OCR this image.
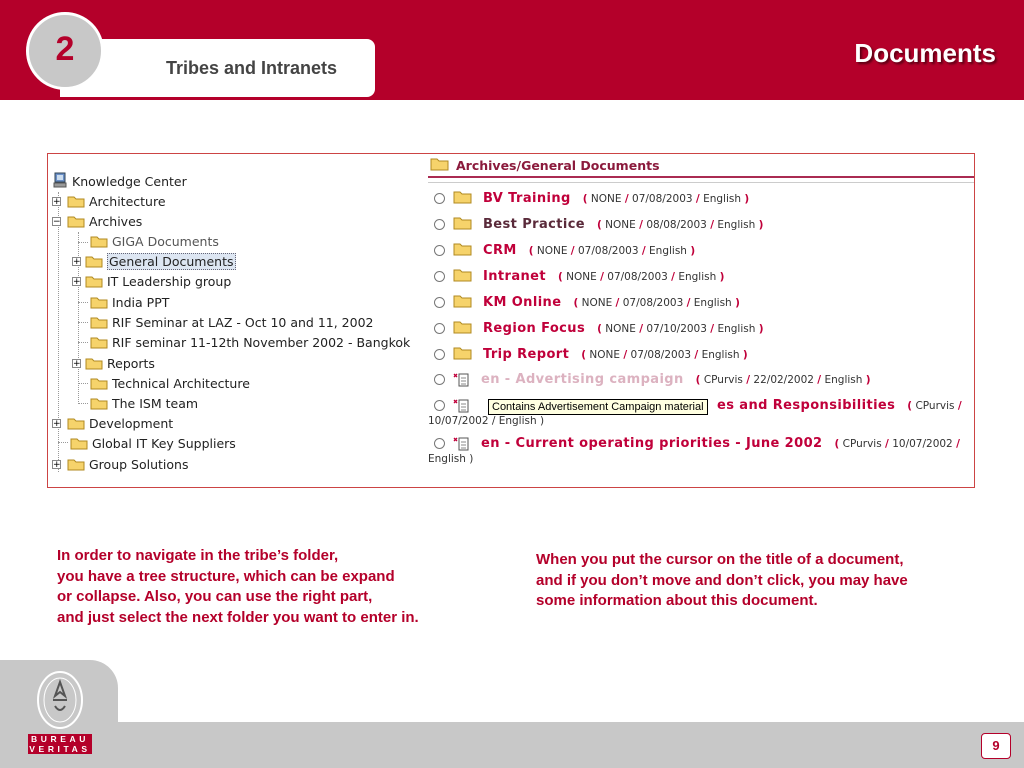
Tribes and Intranets
2	Documents
Knowledge Center
+ Architecture
− Archives
GIGA Documents
+ General Documents
+ IT Leadership group
India PPT
RIF Seminar at LAZ - Oct 10 and 11, 2002
RIF seminar 11-12th November 2002 - Bangkok
+ Reports
Technical Architecture
The ISM team
+ Development
Global IT Key Suppliers
+ Group Solutions
Archives/General Documents
BV Training ( NONE / 07/08/2003 / English )
Best Practice ( NONE / 08/08/2003 / English )
CRM ( NONE / 07/08/2003 / English )
Intranet ( NONE / 07/08/2003 / English )
KM Online ( NONE / 07/08/2003 / English )
Region Focus ( NONE / 07/10/2003 / English )
Trip Report ( NONE / 07/08/2003 / English )
en - Advertising campaign ( CPurvis / 22/02/2002 / English )
es and Responsibilities ( CPurvis /
10/07/2002 / English )
en - Current operating priorities - June 2002 ( CPurvis / 10/07/2002 /
English )
Contains Advertisement Campaign material
In order to navigate in the tribe’s folder,
you have a tree structure, which can be expand
or collapse. Also, you can use the right part,
and just select the next folder you want to enter in.
When you put the cursor on the title of a document,
and if you don’t move and don’t click, you may have
some information about this document.
BUREAU
VERITAS	9
